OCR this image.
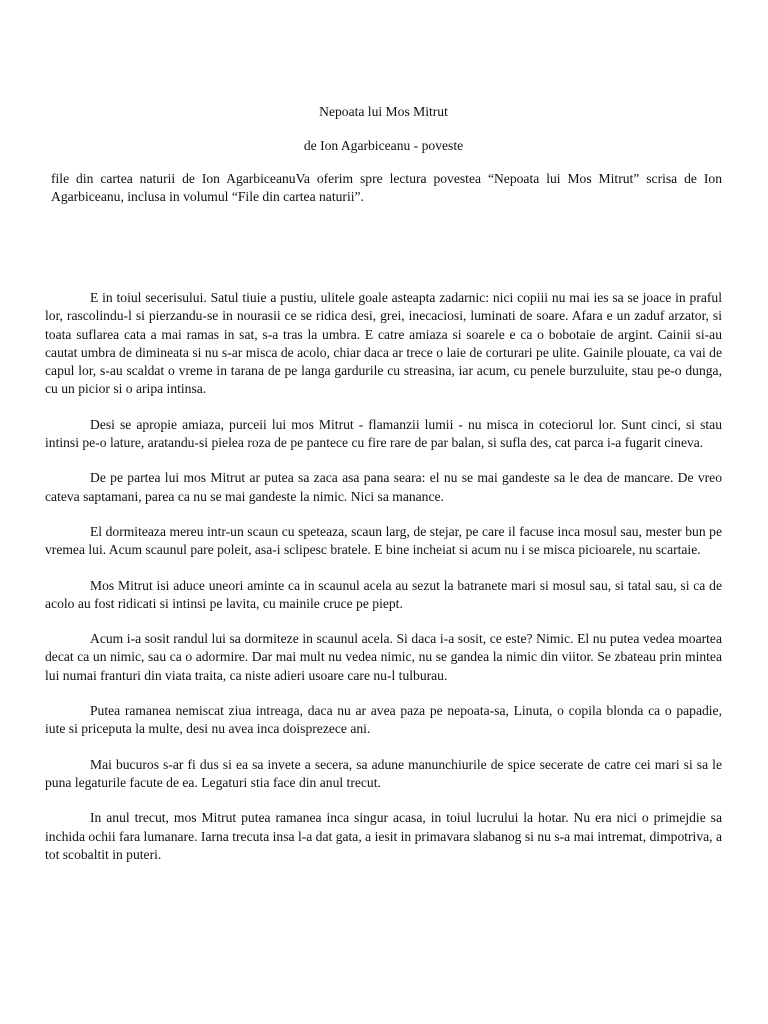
Nepoata lui Mos Mitrut

de Ion Agarbiceanu - poveste

file din cartea naturii de Ion AgarbiceanuVa oferim spre lectura povestea “Nepoata lui Mos Mitrut” scrisa de Ion Agarbiceanu, inclusa in volumul “File din cartea naturii”.

E in toiul secerisului. Satul tiuie a pustiu, ulitele goale asteapta zadarnic: nici copiii nu mai ies sa se joace in praful lor, rascolindu-l si pierzandu-se in nourasii ce se ridica desi, grei, inecaciosi, luminati de soare. Afara e un zaduf arzator, si toata suflarea cata a mai ramas in sat, s-a tras la umbra. E catre amiaza si soarele e ca o bobotaie de argint. Cainii si-au cautat umbra de dimineata si nu s-ar misca de acolo, chiar daca ar trece o laie de corturari pe ulite. Gainile plouate, ca vai de capul lor, s-au scaldat o vreme in tarana de pe langa gardurile cu streasina, iar acum, cu penele burzuluite, stau pe-o dunga, cu un picior si o aripa intinsa.

Desi se apropie amiaza, purceii lui mos Mitrut - flamanzii lumii - nu misca in coteciorul lor. Sunt cinci, si stau intinsi pe-o lature, aratandu-si pielea roza de pe pantece cu fire rare de par balan, si sufla des, cat parca i-a fugarit cineva.

De pe partea lui mos Mitrut ar putea sa zaca asa pana seara: el nu se mai gandeste sa le dea de mancare. De vreo cateva saptamani, parea ca nu se mai gandeste la nimic. Nici sa manance.

El dormiteaza mereu intr-un scaun cu speteaza, scaun larg, de stejar, pe care il facuse inca mosul sau, mester bun pe vremea lui. Acum scaunul pare poleit, asa-i sclipesc bratele. E bine incheiat si acum nu i se misca picioarele, nu scartaie.

Mos Mitrut isi aduce uneori aminte ca in scaunul acela au sezut la batranete mari si mosul sau, si tatal sau, si ca de acolo au fost ridicati si intinsi pe lavita, cu mainile cruce pe piept.

Acum i-a sosit randul lui sa dormiteze in scaunul acela. Si daca i-a sosit, ce este? Nimic. El nu putea vedea moartea decat ca un nimic, sau ca o adormire. Dar mai mult nu vedea nimic, nu se gandea la nimic din viitor. Se zbateau prin mintea lui numai franturi din viata traita, ca niste adieri usoare care nu-l tulburau.

Putea ramanea nemiscat ziua intreaga, daca nu ar avea paza pe nepoata-sa, Linuta, o copila blonda ca o papadie, iute si priceputa la multe, desi nu avea inca doisprezece ani.

Mai bucuros s-ar fi dus si ea sa invete a secera, sa adune manunchiurile de spice secerate de catre cei mari si sa le puna legaturile facute de ea. Legaturi stia face din anul trecut.

In anul trecut, mos Mitrut putea ramanea inca singur acasa, in toiul lucrului la hotar. Nu era nici o primejdie sa inchida ochii fara lumanare. Iarna trecuta insa l-a dat gata, a iesit in primavara slabanog si nu s-a mai intremat, dimpotriva, a tot scobaltit in puteri.
